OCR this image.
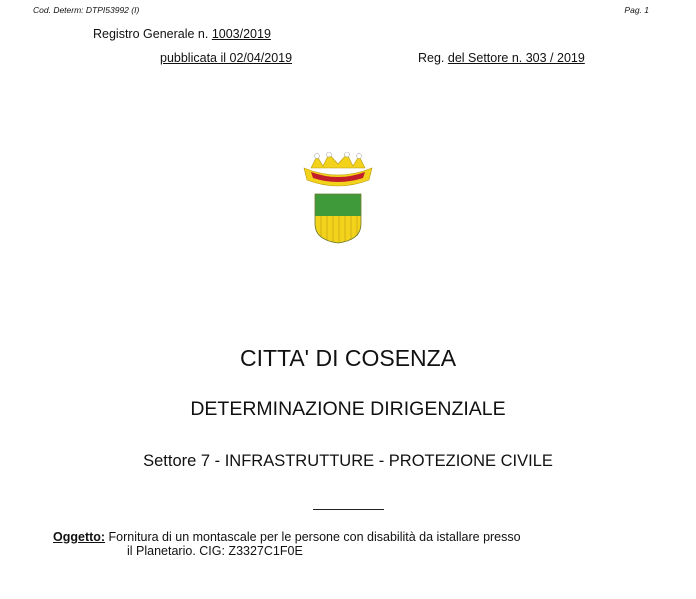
Cod. Determ: DTPI53992 (I)	Pag. 1
Registro Generale n. 1003/2019
pubblicata il 02/04/2019	Reg. del Settore n. 303 / 2019
CITTA' DI COSENZA
DETERMINAZIONE DIRIGENZIALE
Settore 7 - INFRASTRUTTURE - PROTEZIONE CIVILE
Oggetto: Fornitura di un montascale per le persone con disabilità da istallare presso
il Planetario. CIG: Z3327C1F0E
